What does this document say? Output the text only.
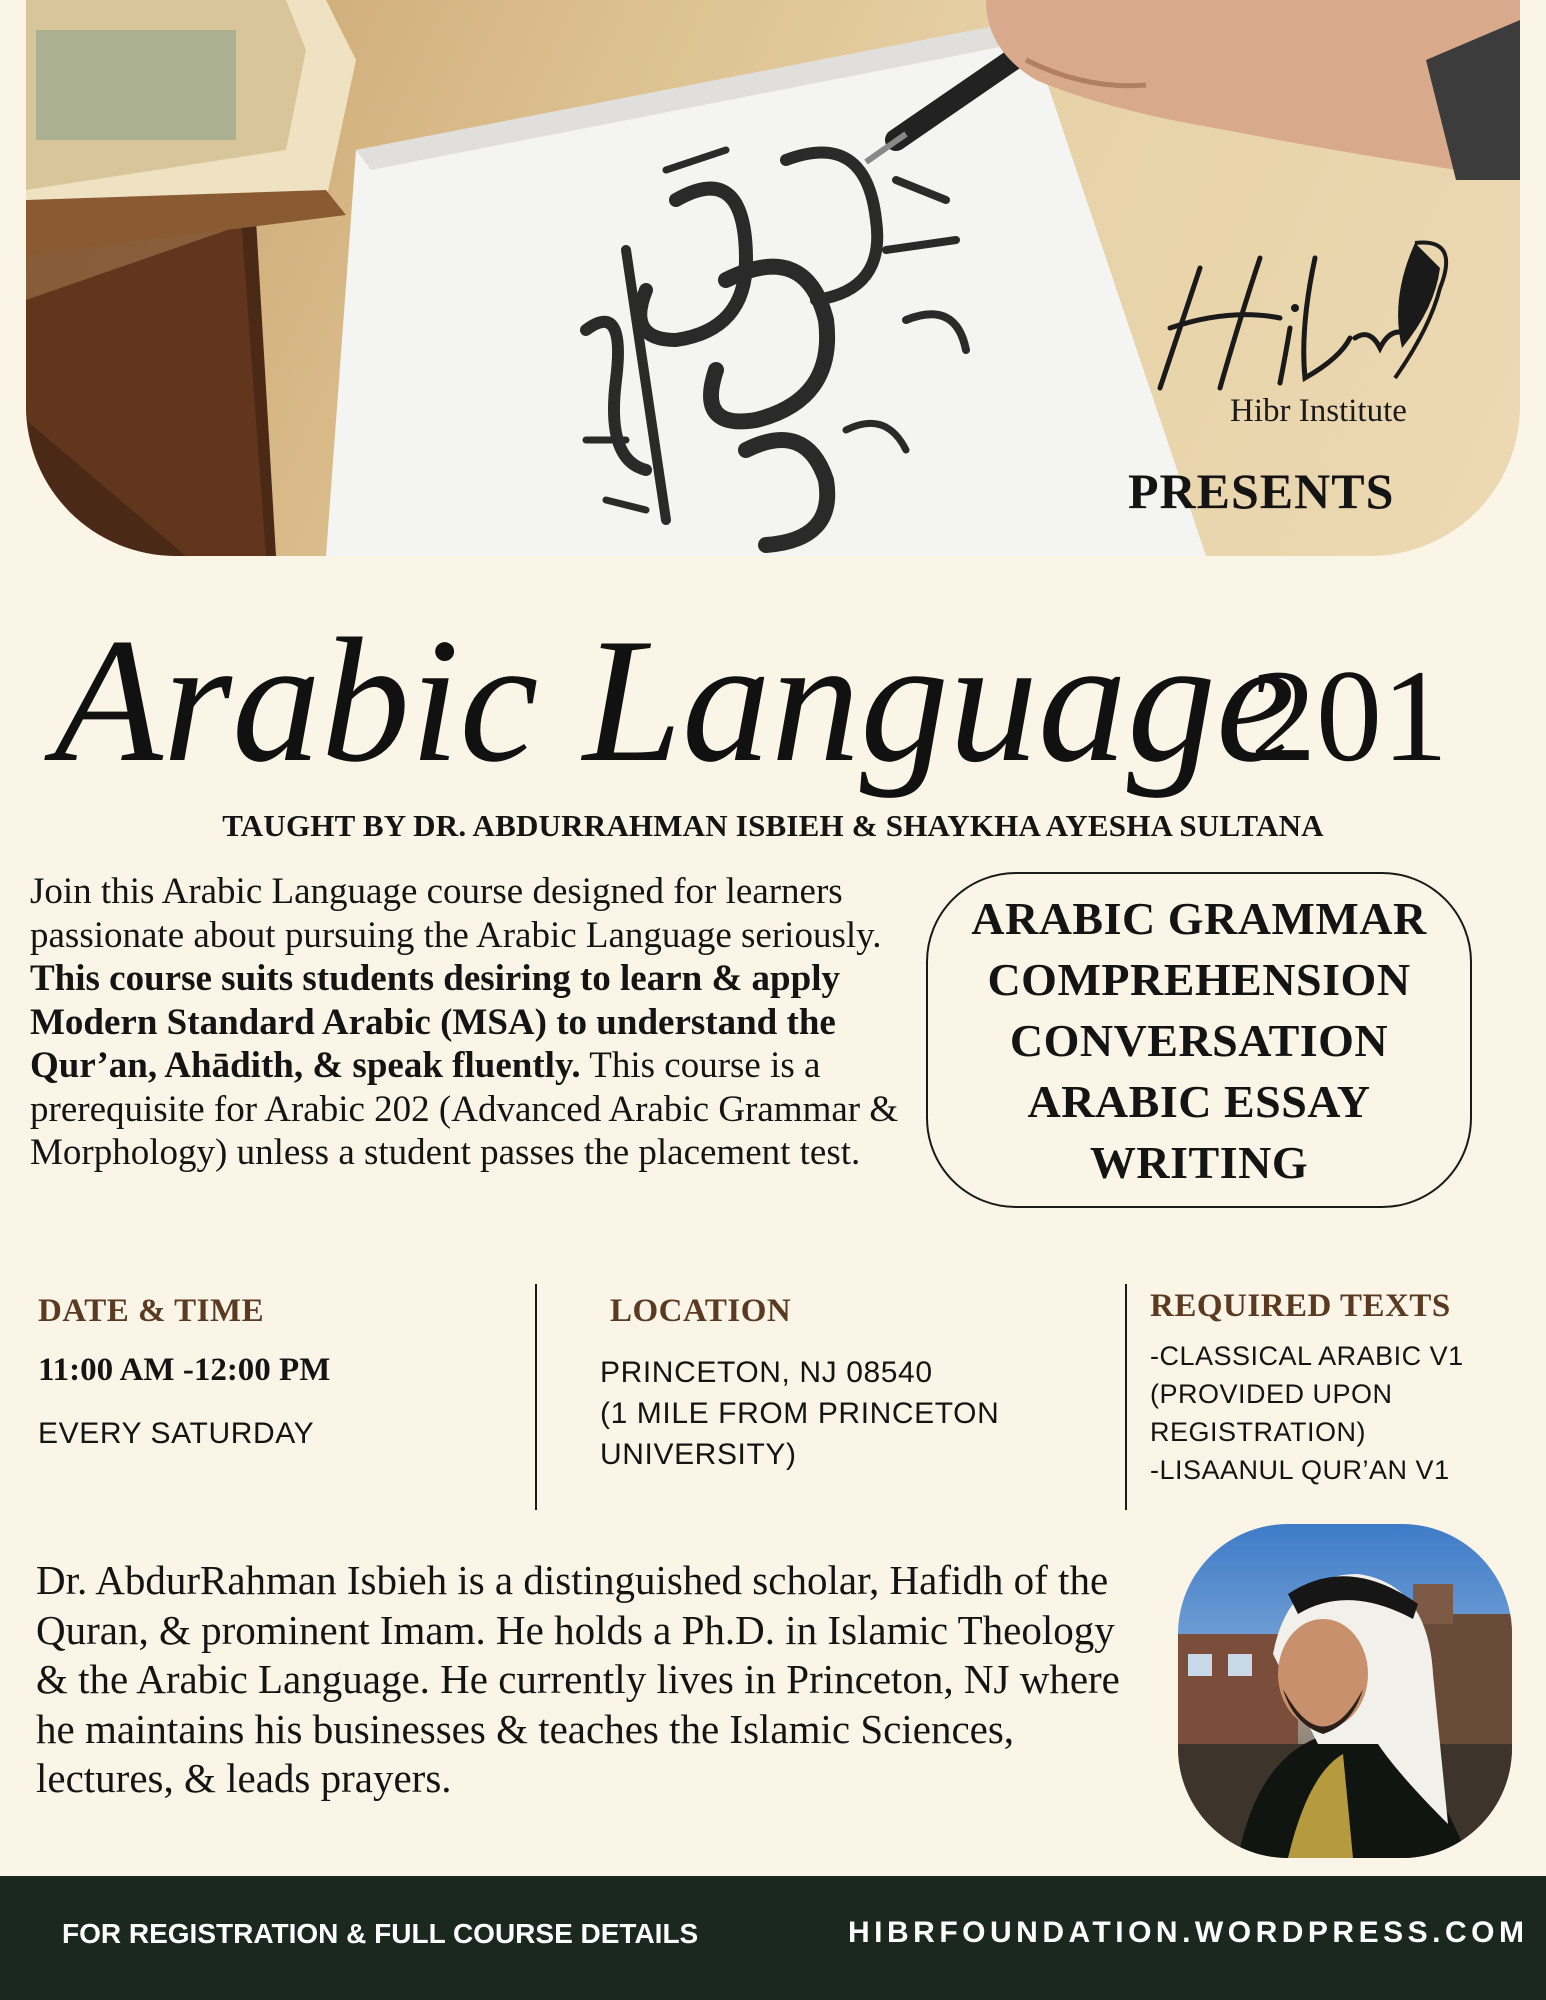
Hibr Institute
PRESENTS
Arabic Language
201
TAUGHT BY DR. ABDURRAHMAN ISBIEH & SHAYKHA AYESHA SULTANA
Join this Arabic Language course designed for learners passionate about pursuing the Arabic Language seriously. This course suits students desiring to learn & apply Modern Standard Arabic (MSA) to understand the Qur’an, Ahādith, & speak fluently. This course is a prerequisite for Arabic 202 (Advanced Arabic Grammar & Morphology) unless a student passes the placement test.
ARABIC GRAMMAR
COMPREHENSION
CONVERSATION
ARABIC ESSAY
WRITING
DATE & TIME
11:00 AM -12:00 PM
EVERY SATURDAY
LOCATION
PRINCETON, NJ 08540
(1 MILE FROM PRINCETON
UNIVERSITY)
REQUIRED TEXTS
-CLASSICAL ARABIC V1
(PROVIDED UPON
REGISTRATION)
-LISAANUL QUR’AN V1
Dr. AbdurRahman Isbieh is a distinguished scholar, Hafidh of the Quran, & prominent Imam. He holds a Ph.D. in Islamic Theology & the Arabic Language. He currently lives in Princeton, NJ where he maintains his businesses & teaches the Islamic Sciences, lectures, & leads prayers.
FOR REGISTRATION & FULL COURSE DETAILS	HIBRFOUNDATION.WORDPRESS.COM
